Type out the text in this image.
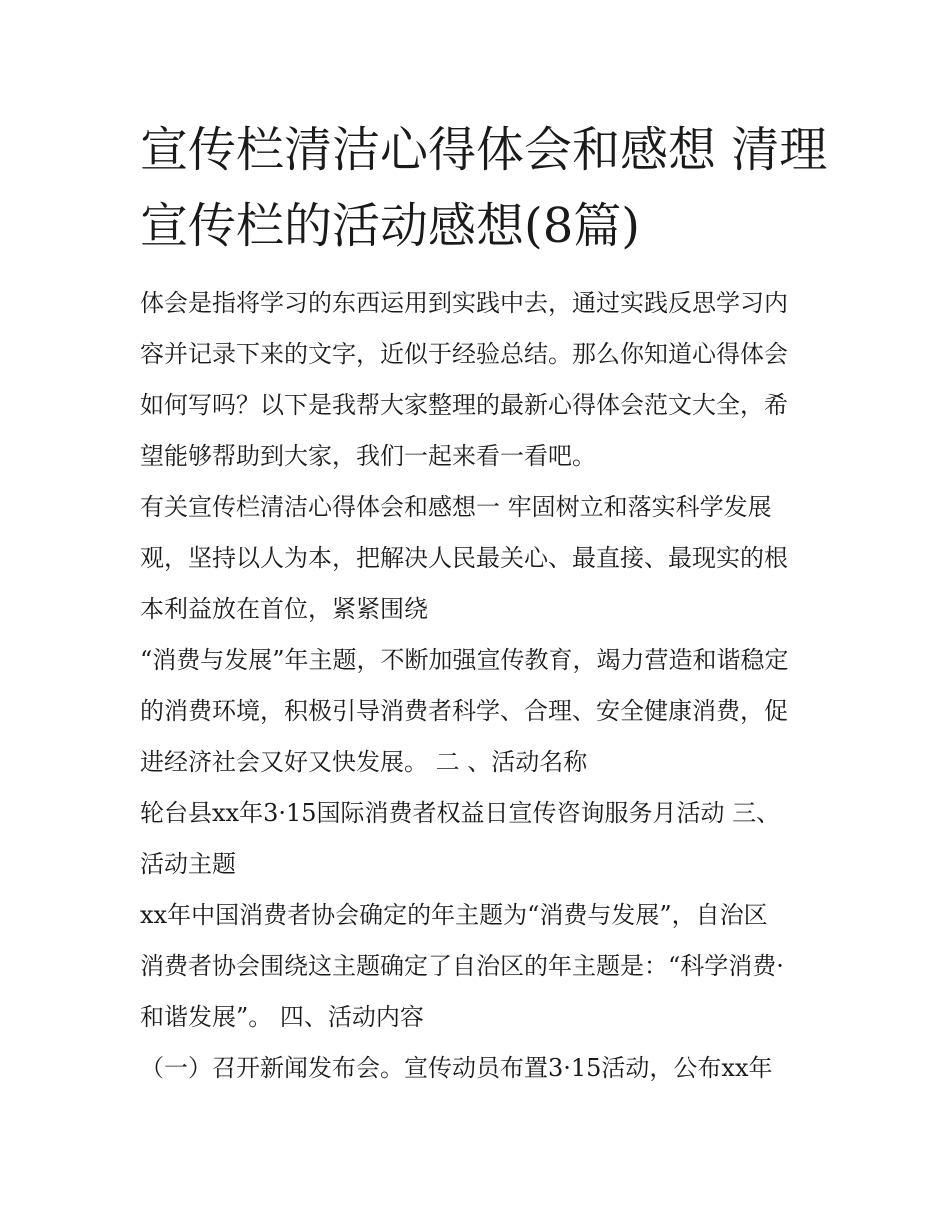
宣传栏清洁心得体会和感想 清理宣传栏的活动感想(8篇)

体会是指将学习的东西运用到实践中去，通过实践反思学习内

容并记录下来的文字，近似于经验总结。那么你知道心得体会

如何写吗？以下是我帮大家整理的最新心得体会范文大全，希

望能够帮助到大家，我们一起来看一看吧。

有关宣传栏清洁心得体会和感想一 牢固树立和落实科学发展

观，坚持以人为本，把解决人民最关心、最直接、最现实的根

本利益放在首位，紧紧围绕

“消费与发展”年主题，不断加强宣传教育，竭力营造和谐稳定

的消费环境，积极引导消费者科学、合理、安全健康消费，促

进经济社会又好又快发展。 二 、活动名称

轮台县xx年3·15国际消费者权益日宣传咨询服务月活动 三、

活动主题

xx年中国消费者协会确定的年主题为“消费与发展”，自治区

消费者协会围绕这主题确定了自治区的年主题是：“科学消费·

和谐发展”。 四、活动内容

（一）召开新闻发布会。宣传动员布置3·15活动，公布xx年
